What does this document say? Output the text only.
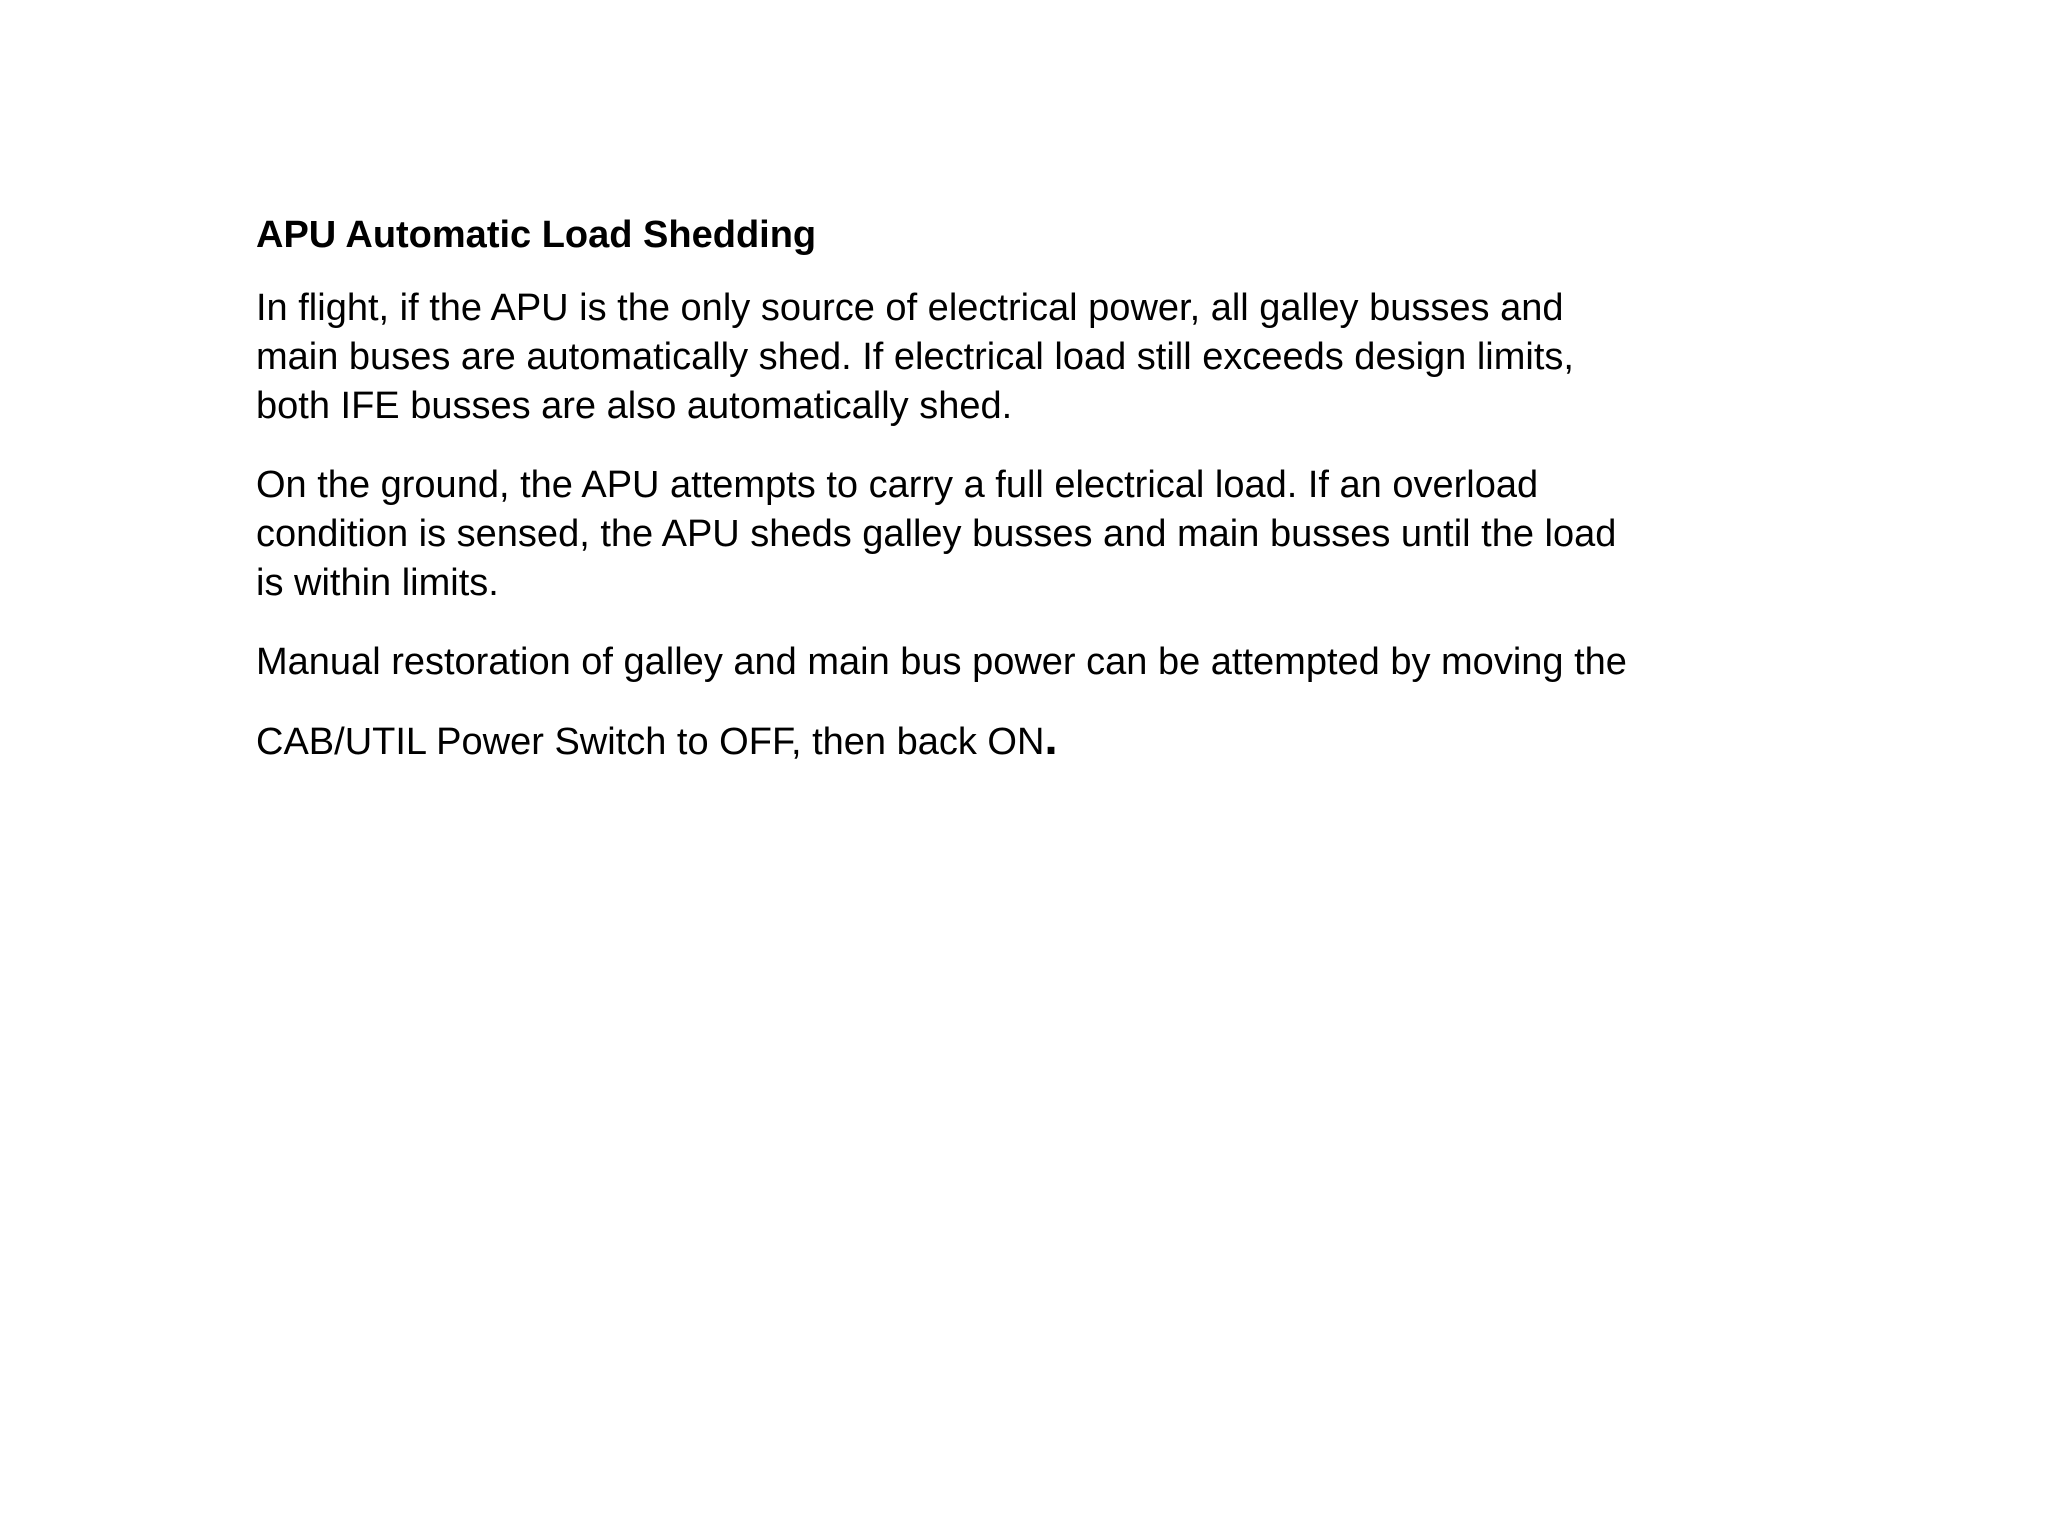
APU Automatic Load Shedding
In flight, if the APU is the only source of electrical power, all galley busses and
main buses are automatically shed. If electrical load still exceeds design limits,
both IFE busses are also automatically shed.
On the ground, the APU attempts to carry a full electrical load. If an overload
condition is sensed, the APU sheds galley busses and main busses until the load
is within limits.
Manual restoration of galley and main bus power can be attempted by moving the
CAB/UTIL Power Switch to OFF, then back ON.
